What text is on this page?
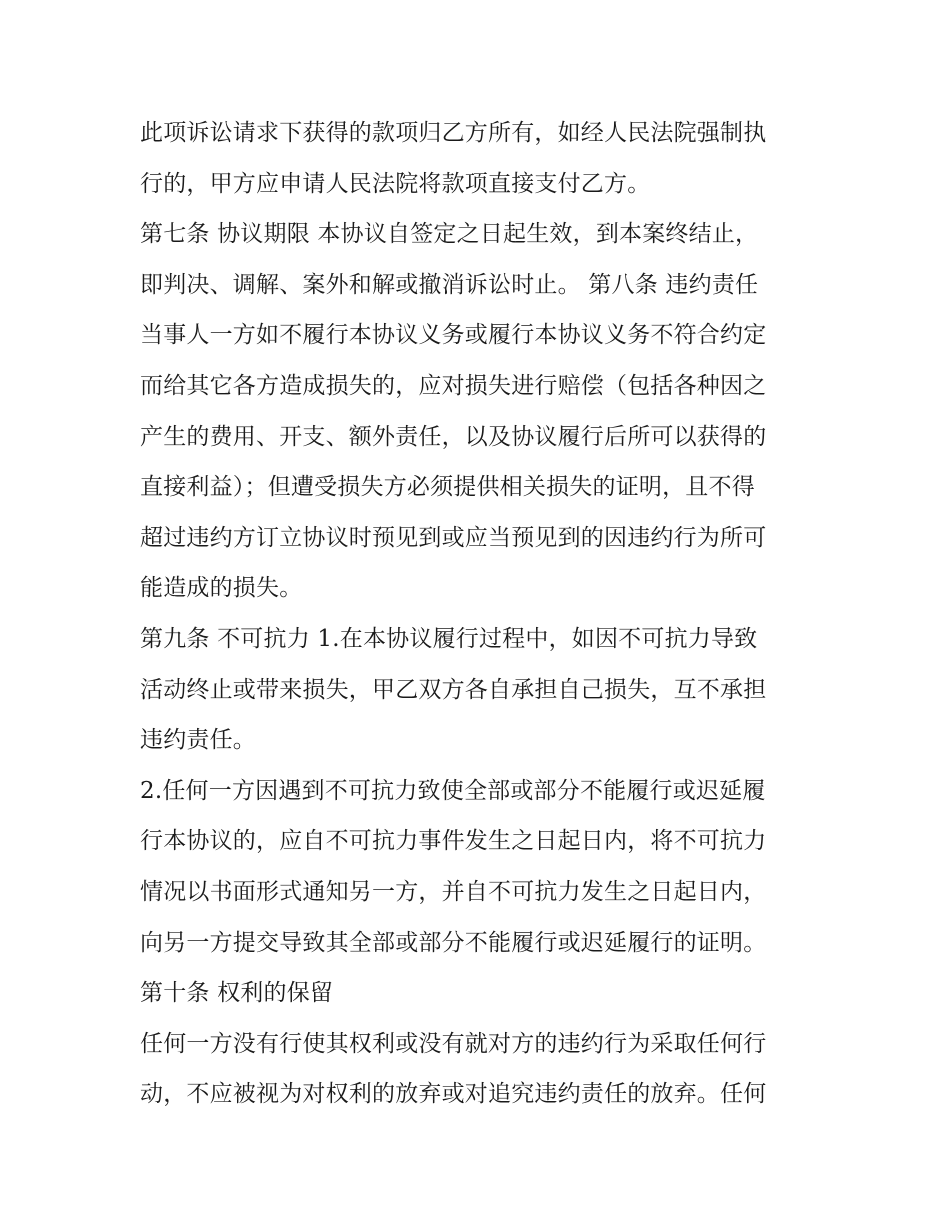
此项诉讼请求下获得的款项归乙方所有，如经人民法院强制执
行的，甲方应申请人民法院将款项直接支付乙方。
第七条 协议期限 本协议自签定之日起生效，到本案终结止，
即判决、调解、案外和解或撤消诉讼时止。 第八条 违约责任
当事人一方如不履行本协议义务或履行本协议义务不符合约定
而给其它各方造成损失的，应对损失进行赔偿（包括各种因之
产生的费用、开支、额外责任，以及协议履行后所可以获得的
直接利益）；但遭受损失方必须提供相关损失的证明，且不得
超过违约方订立协议时预见到或应当预见到的因违约行为所可
能造成的损失。
第九条 不可抗力 1.在本协议履行过程中，如因不可抗力导致
活动终止或带来损失，甲乙双方各自承担自己损失，互不承担
违约责任。
2.任何一方因遇到不可抗力致使全部或部分不能履行或迟延履
行本协议的，应自不可抗力事件发生之日起日内，将不可抗力
情况以书面形式通知另一方，并自不可抗力发生之日起日内，
向另一方提交导致其全部或部分不能履行或迟延履行的证明。
第十条 权利的保留
任何一方没有行使其权利或没有就对方的违约行为采取任何行
动，不应被视为对权利的放弃或对追究违约责任的放弃。任何
